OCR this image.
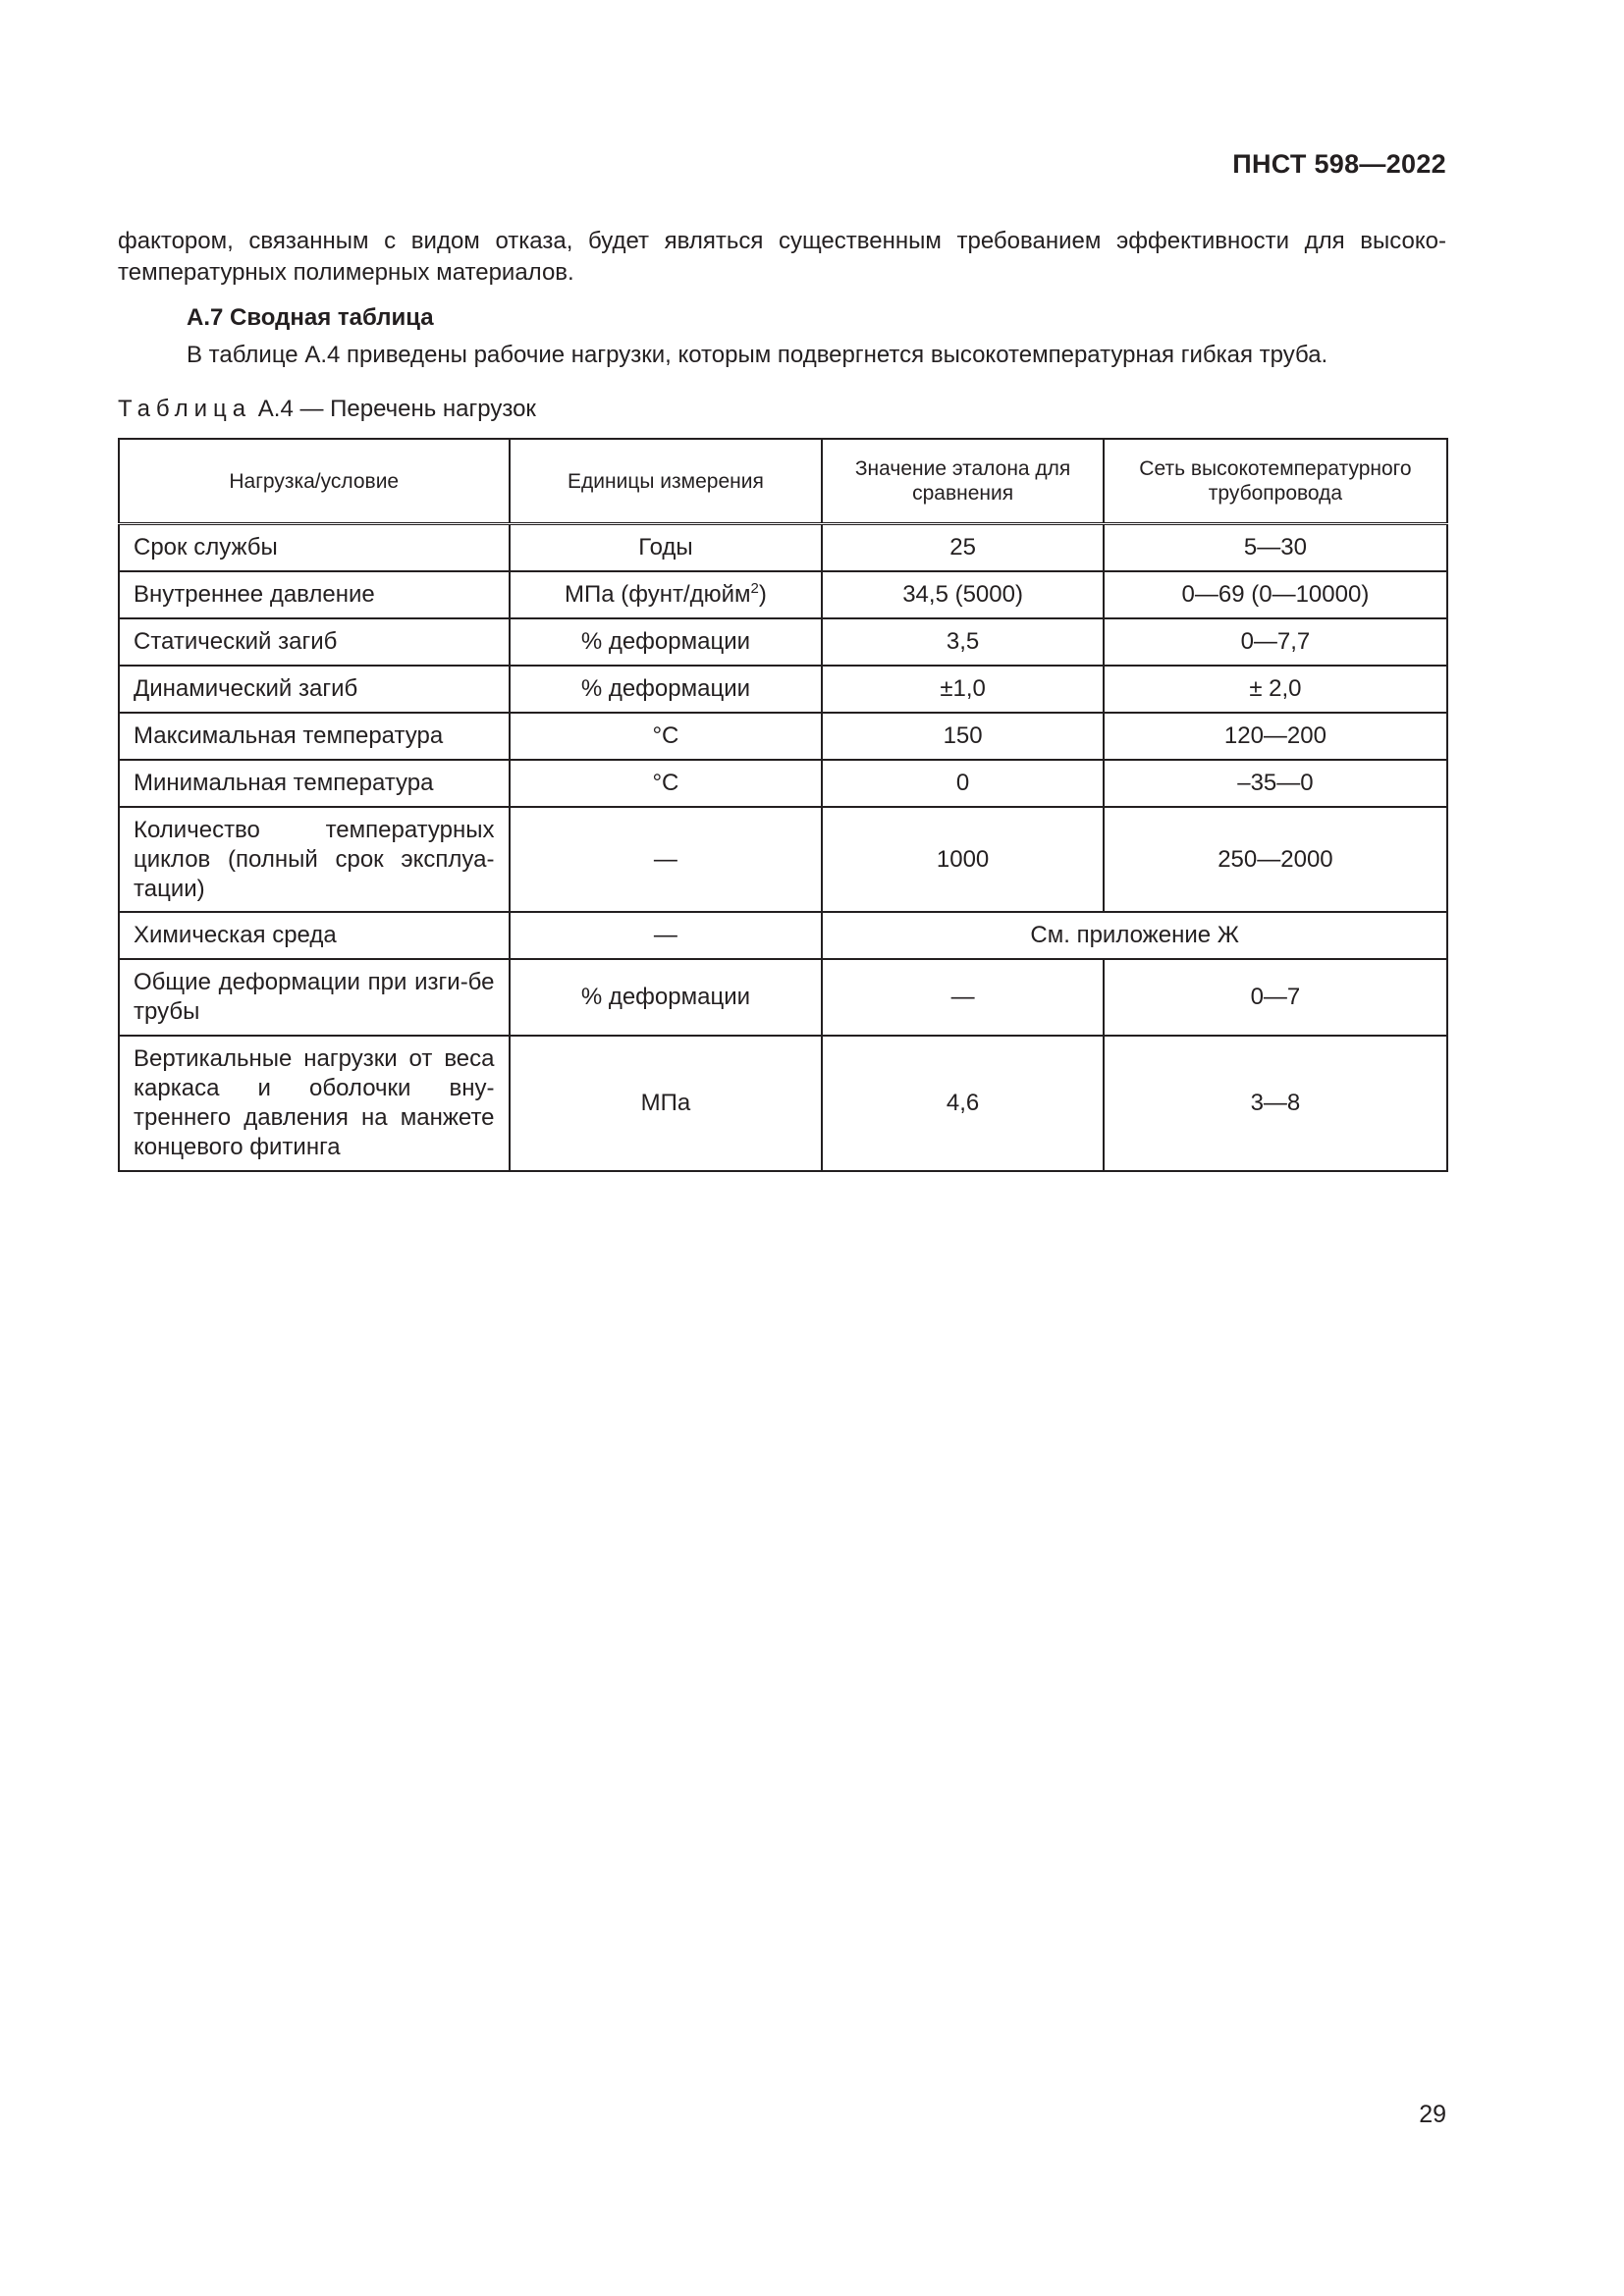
ПНСТ 598—2022
фактором, связанным с видом отказа, будет являться существенным требованием эффективности для высоко-
температурных полимерных материалов.
А.7 Сводная таблица
В таблице А.4 приведены рабочие нагрузки, которым подвергнется высокотемпературная гибкая труба.
Таблица А.4 — Перечень нагрузок
Нагрузка/условие	Единицы измерения	Значение эталона для сравнения	Сеть высокотемпературного трубопровода
Срок службы	Годы	25	5—30
Внутреннее давление	МПа (фунт/дюйм$^2$)	34,5 (5000)	0—69 (0—10000)
Статический загиб	% деформации	3,5	0—7,7
Динамический загиб	% деформации	±1,0	± 2,0
Максимальная температура	°С	150	120—200
Минимальная температура	°С	0	–35—0
Количество температурных циклов (полный срок эксплуа-тации)	—	1000	250—2000
Химическая среда	—	См. приложение Ж	
Общие деформации при изги-бе трубы	% деформации	—	0—7
Вертикальные нагрузки от веса каркаса и оболочки вну-треннего давления на манжете концевого фитинга	МПа	4,6	3—8
29
